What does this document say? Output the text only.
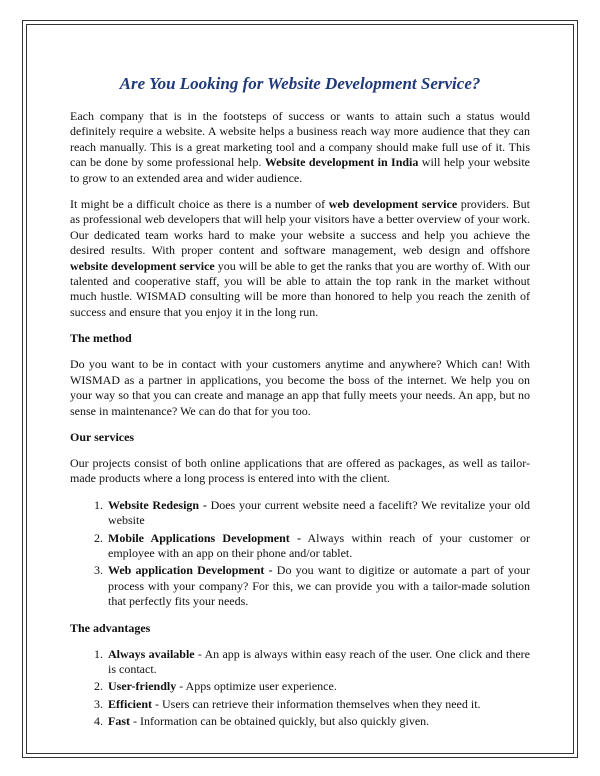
Are You Looking for Website Development Service?

Each company that is in the footsteps of success or wants to attain such a status would definitely require a website. A website helps a business reach way more audience that they can reach manually. This is a great marketing tool and a company should make full use of it. This can be done by some professional help. Website development in India will help your website to grow to an extended area and wider audience.

It might be a difficult choice as there is a number of web development service providers. But as professional web developers that will help your visitors have a better overview of your work. Our dedicated team works hard to make your website a success and help you achieve the desired results. With proper content and software management, web design and offshore website development service you will be able to get the ranks that you are worthy of. With our talented and cooperative staff, you will be able to attain the top rank in the market without much hustle. WISMAD consulting will be more than honored to help you reach the zenith of success and ensure that you enjoy it in the long run.

The method

Do you want to be in contact with your customers anytime and anywhere? Which can! With WISMAD as a partner in applications, you become the boss of the internet. We help you on your way so that you can create and manage an app that fully meets your needs. An app, but no sense in maintenance? We can do that for you too.

Our services

Our projects consist of both online applications that are offered as packages, as well as tailor-made products where a long process is entered into with the client.

1. Website Redesign - Does your current website need a facelift? We revitalize your old website
2. Mobile Applications Development - Always within reach of your customer or employee with an app on their phone and/or tablet.
3. Web application Development - Do you want to digitize or automate a part of your process with your company? For this, we can provide you with a tailor-made solution that perfectly fits your needs.
The advantages
1. Always available - An app is always within easy reach of the user. One click and there is contact.
2. User-friendly - Apps optimize user experience.
3. Efficient - Users can retrieve their information themselves when they need it.
4. Fast - Information can be obtained quickly, but also quickly given.
